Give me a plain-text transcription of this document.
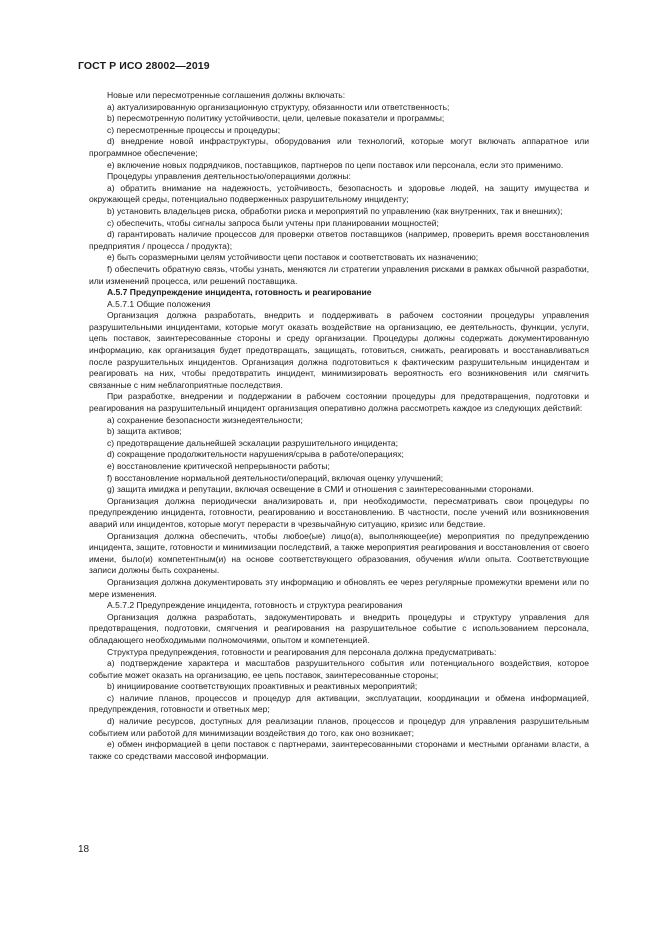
ГОСТ Р ИСО 28002—2019

Новые или пересмотренные соглашения должны включать:

а) актуализированную организационную структуру, обязанности или ответственность;

b) пересмотренную политику устойчивости, цели, целевые показатели и программы;

с) пересмотренные процессы и процедуры;

d) внедрение новой инфраструктуры, оборудования или технологий, которые могут включать аппаратное или программное обеспечение;

е) включение новых подрядчиков, поставщиков, партнеров по цепи поставок или персонала, если это применимо.

Процедуры управления деятельностью/операциями должны:

а) обратить внимание на надежность, устойчивость, безопасность и здоровье людей, на защиту имущества и окружающей среды, потенциально подверженных разрушительному инциденту;

b) установить владельцев риска, обработки риска и мероприятий по управлению (как внутренних, так и внешних);

с) обеспечить, чтобы сигналы запроса были учтены при планировании мощностей;

d) гарантировать наличие процессов для проверки ответов поставщиков (например, проверить время восстановления предприятия / процесса / продукта);

е) быть соразмерными целям устойчивости цепи поставок и соответствовать их назначению;

f) обеспечить обратную связь, чтобы узнать, меняются ли стратегии управления рисками в рамках обычной разработки, или изменений процесса, или решений поставщика.

А.5.7 Предупреждение инцидента, готовность и реагирование

А.5.7.1 Общие положения

Организация должна разработать, внедрить и поддерживать в рабочем состоянии процедуры управления разрушительными инцидентами, которые могут оказать воздействие на организацию, ее деятельность, функции, услуги, цепь поставок, заинтересованные стороны и среду организации. Процедуры должны содержать документированную информацию, как организация будет предотвращать, защищать, готовиться, снижать, реагировать и восстанавливаться после разрушительных инцидентов. Организация должна подготовиться к фактическим разрушительным инцидентам и реагировать на них, чтобы предотвратить инцидент, минимизировать вероятность его возникновения или смягчить связанные с ним неблагоприятные последствия.

При разработке, внедрении и поддержании в рабочем состоянии процедуры для предотвращения, подготовки и реагирования на разрушительный инцидент организация оперативно должна рассмотреть каждое из следующих действий:

а) сохранение безопасности жизнедеятельности;

b) защита активов;

с) предотвращение дальнейшей эскалации разрушительного инцидента;

d) сокращение продолжительности нарушения/срыва в работе/операциях;

е) восстановление критической непрерывности работы;

f) восстановление нормальной деятельности/операций, включая оценку улучшений;

g) защита имиджа и репутации, включая освещение в СМИ и отношения с заинтересованными сторонами.

Организация должна периодически анализировать и, при необходимости, пересматривать свои процедуры по предупреждению инцидента, готовности, реагированию и восстановлению. В частности, после учений или возникновения аварий или инцидентов, которые могут перерасти в чрезвычайную ситуацию, кризис или бедствие.

Организация должна обеспечить, чтобы любое(ые) лицо(а), выполняющее(ие) мероприятия по предупреждению инцидента, защите, готовности и минимизации последствий, а также мероприятия реагирования и восстановления от своего имени, было(и) компетентным(и) на основе соответствующего образования, обучения и/или опыта. Соответствующие записи должны быть сохранены.

Организация должна документировать эту информацию и обновлять ее через регулярные промежутки времени или по мере изменения.

А.5.7.2 Предупреждение инцидента, готовность и структура реагирования

Организация должна разработать, задокументировать и внедрить процедуры и структуру управления для предотвращения, подготовки, смягчения и реагирования на разрушительное событие с использованием персонала, обладающего необходимыми полномочиями, опытом и компетенцией.

Структура предупреждения, готовности и реагирования для персонала должна предусматривать:

а) подтверждение характера и масштабов разрушительного события или потенциального воздействия, которое событие может оказать на организацию, ее цепь поставок, заинтересованные стороны;

b) инициирование соответствующих проактивных и реактивных мероприятий;

с) наличие планов, процессов и процедур для активации, эксплуатации, координации и обмена информацией, предупреждения, готовности и ответных мер;

d) наличие ресурсов, доступных для реализации планов, процессов и процедур для управления разрушительным событием или работой для минимизации воздействия до того, как оно возникает;

е) обмен информацией в цепи поставок с партнерами, заинтересованными сторонами и местными органами власти, а также со средствами массовой информации.

18
